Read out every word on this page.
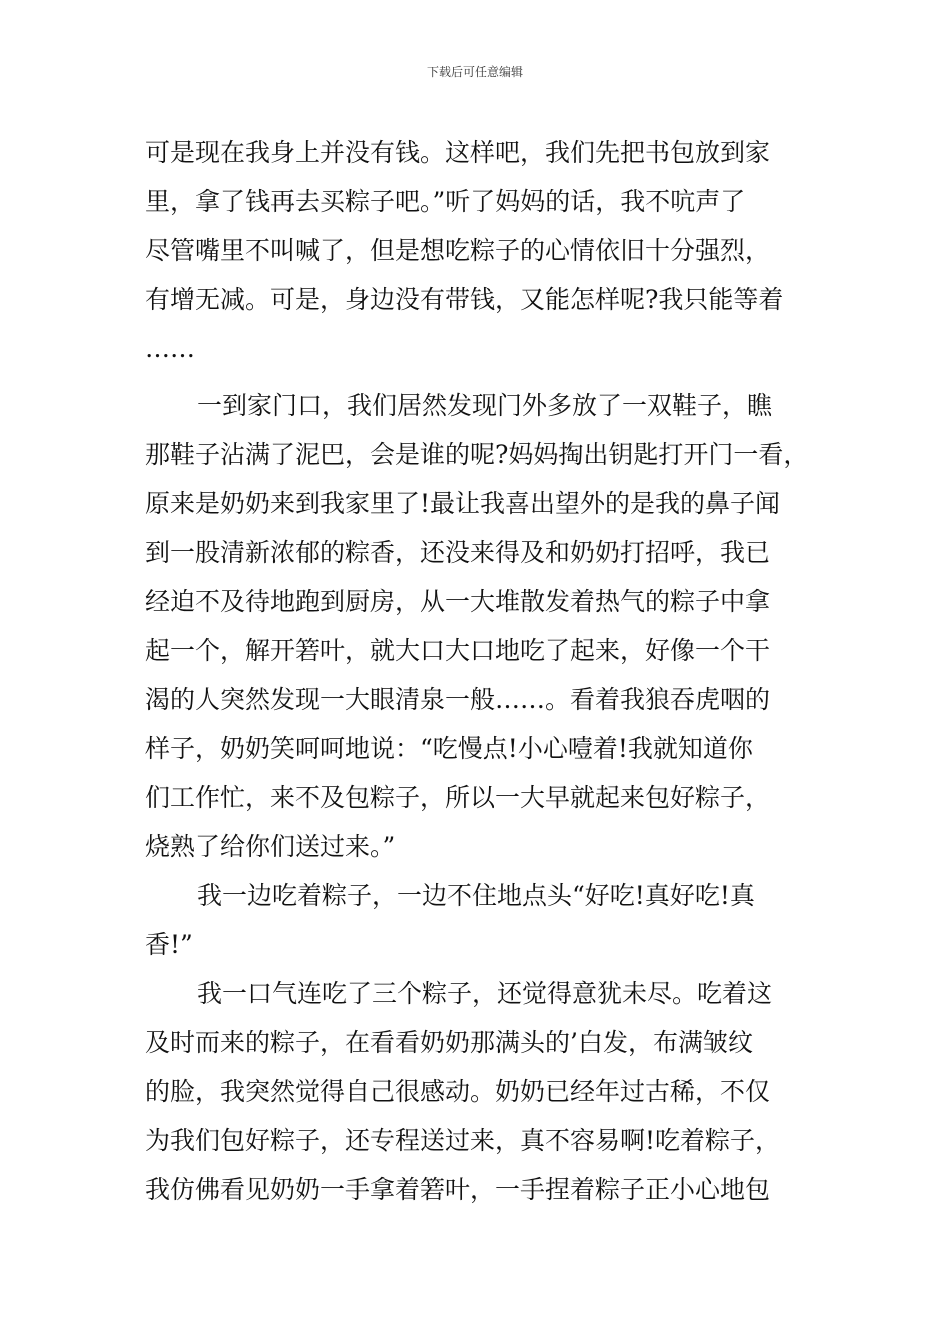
下载后可任意编辑
可是现在我身上并没有钱。这样吧，我们先把书包放到家
里，拿了钱再去买粽子吧。”听了妈妈的话，我不吭声了
尽管嘴里不叫喊了，但是想吃粽子的心情依旧十分强烈，
有增无减。可是，身边没有带钱，又能怎样呢?我只能等着
……
一到家门口，我们居然发现门外多放了一双鞋子，瞧
那鞋子沾满了泥巴，会是谁的呢?妈妈掏出钥匙打开门一看，
原来是奶奶来到我家里了!最让我喜出望外的是我的鼻子闻
到一股清新浓郁的粽香，还没来得及和奶奶打招呼，我已
经迫不及待地跑到厨房，从一大堆散发着热气的粽子中拿
起一个，解开箬叶，就大口大口地吃了起来，好像一个干
渴的人突然发现一大眼清泉一般……。看着我狼吞虎咽的
样子，奶奶笑呵呵地说：“吃慢点!小心噎着!我就知道你
们工作忙，来不及包粽子，所以一大早就起来包好粽子，
烧熟了给你们送过来。”
我一边吃着粽子，一边不住地点头“好吃!真好吃!真
香!”
我一口气连吃了三个粽子，还觉得意犹未尽。吃着这
及时而来的粽子，在看看奶奶那满头的’白发，布满皱纹
的脸，我突然觉得自己很感动。奶奶已经年过古稀，不仅
为我们包好粽子，还专程送过来，真不容易啊!吃着粽子，
我仿佛看见奶奶一手拿着箬叶，一手捏着粽子正小心地包
